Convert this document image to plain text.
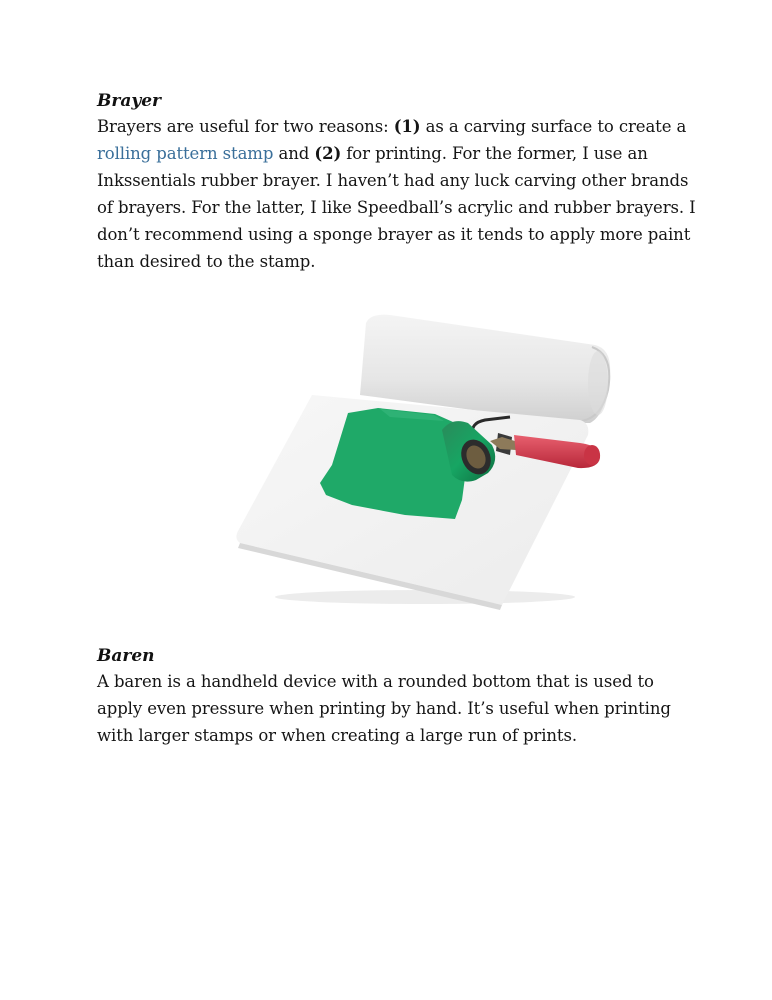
Brayer

Brayers are useful for two reasons: (1) as a carving surface to create a rolling pattern stamp and (2) for printing. For the former, I use an Inkssentials rubber brayer. I haven’t had any luck carving other brands of brayers. For the latter, I like Speedball’s acrylic and rubber brayers. I don’t recommend using a sponge brayer as it tends to apply more paint than desired to the stamp.

Baren

A baren is a handheld device with a rounded bottom that is used to apply even pressure when printing by hand. It’s useful when printing with larger stamps or when creating a large run of prints.
